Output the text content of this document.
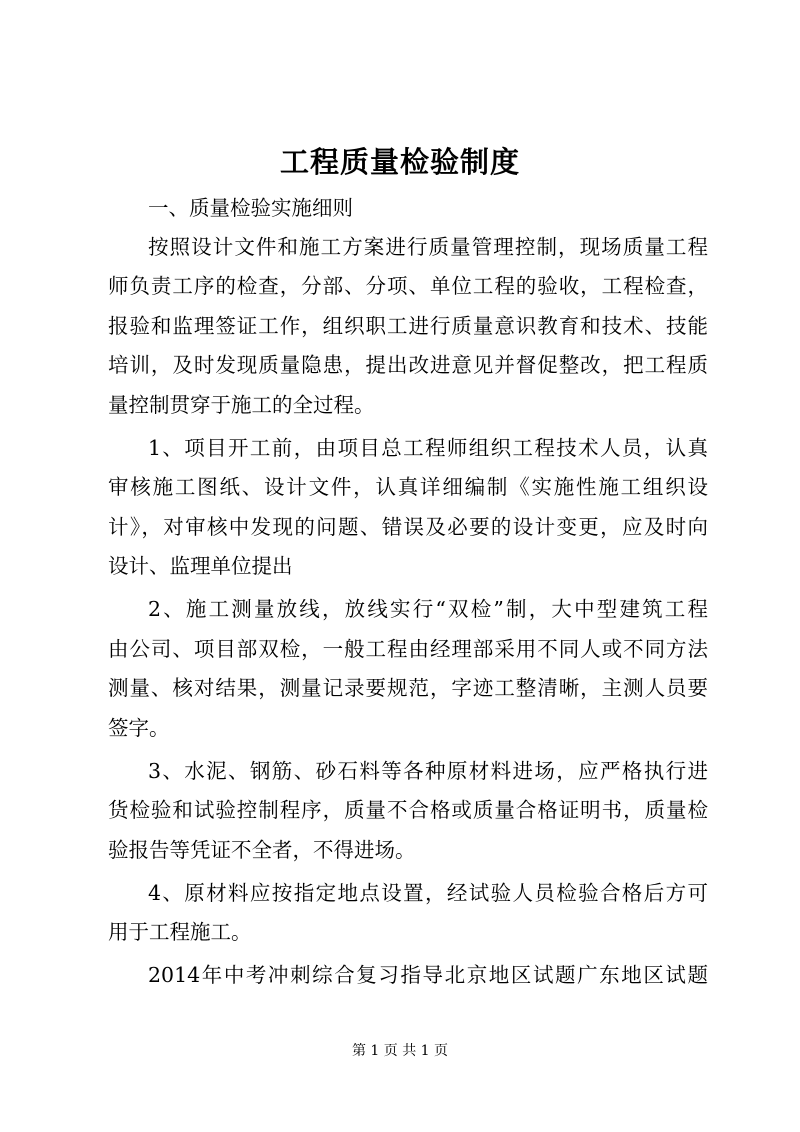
工程质量检验制度
一、质量检验实施细则
按照设计文件和施工方案进行质量管理控制，现场质量工程
师负责工序的检查，分部、分项、单位工程的验收，工程检查，
报验和监理签证工作，组织职工进行质量意识教育和技术、技能
培训，及时发现质量隐患，提出改进意见并督促整改，把工程质
量控制贯穿于施工的全过程。
1、项目开工前，由项目总工程师组织工程技术人员，认真
审核施工图纸、设计文件，认真详细编制《实施性施工组织设
计》，对审核中发现的问题、错误及必要的设计变更，应及时向
设计、监理单位提出
2、施工测量放线，放线实行“双检”制，大中型建筑工程
由公司、项目部双检，一般工程由经理部采用不同人或不同方法
测量、核对结果，测量记录要规范，字迹工整清晰，主测人员要
签字。
3、水泥、钢筋、砂石料等各种原材料进场，应严格执行进
货检验和试验控制程序，质量不合格或质量合格证明书，质量检
验报告等凭证不全者，不得进场。
4、原材料应按指定地点设置，经试验人员检验合格后方可
用于工程施工。
2014年中考冲刺综合复习指导北京地区试题广东地区试题
第 1 页 共 1 页
